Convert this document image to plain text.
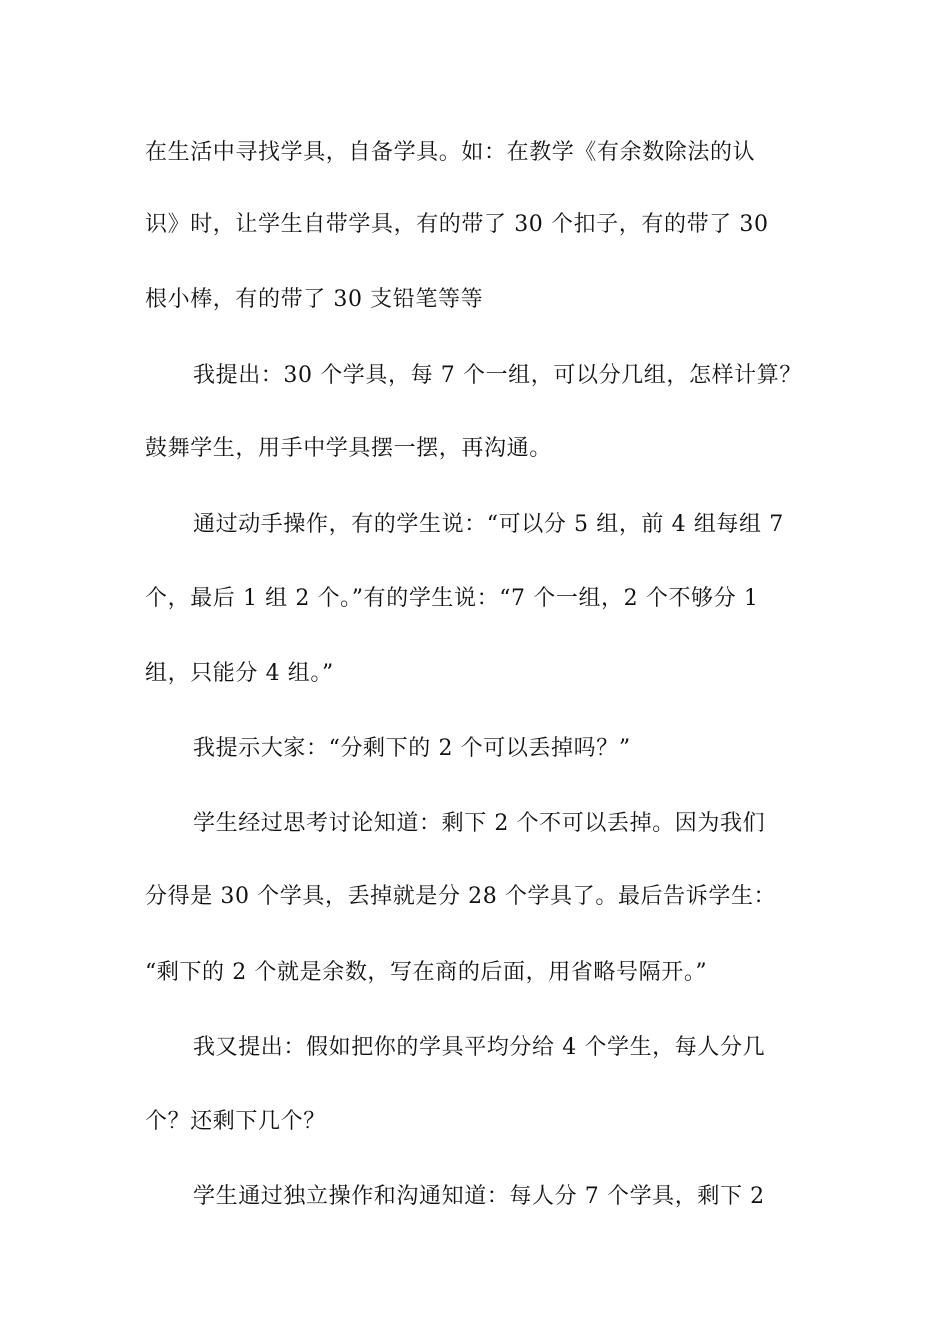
在生活中寻找学具，自备学具。如：在教学《有余数除法的认
识》时，让学生自带学具，有的带了 30 个扣子，有的带了 30
根小棒，有的带了 30 支铅笔等等
我提出：30 个学具，每 7 个一组，可以分几组，怎样计算？
鼓舞学生，用手中学具摆一摆，再沟通。
通过动手操作，有的学生说：“可以分 5 组，前 4 组每组 7
个，最后 1 组 2 个。”有的学生说：“7 个一组，2 个不够分 1
组，只能分 4 组。”
我提示大家：“分剩下的 2 个可以丢掉吗？”
学生经过思考讨论知道：剩下 2 个不可以丢掉。因为我们
分得是 30 个学具，丢掉就是分 28 个学具了。最后告诉学生：
“剩下的 2 个就是余数，写在商的后面，用省略号隔开。”
我又提出：假如把你的学具平均分给 4 个学生，每人分几
个？还剩下几个？
学生通过独立操作和沟通知道：每人分 7 个学具，剩下 2
